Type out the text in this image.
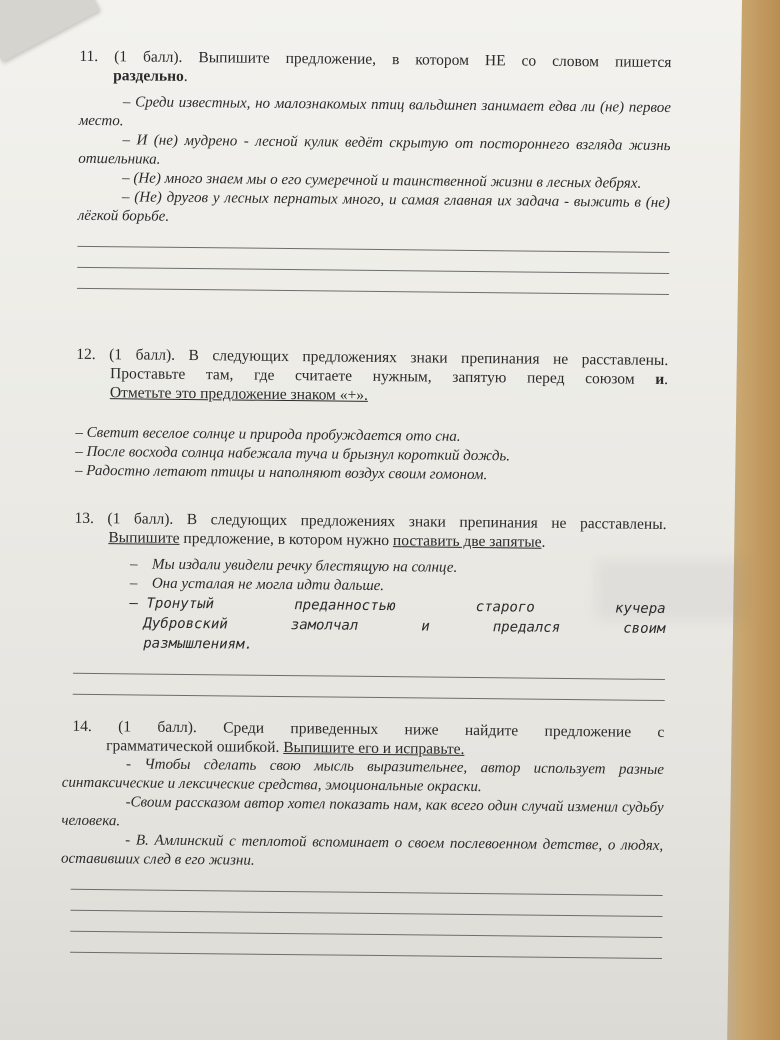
11. (1 балл). Выпишите предложение, в котором НЕ со словом пишется
раздельно.
– Среди известных, но малознакомых птиц вальдшнеп занимает едва ли (не) первое место.
– И (не) мудрено - лесной кулик ведёт скрытую от постороннего взгляда жизнь отшельника.
– (Не) много знаем мы о его сумеречной и таинственной жизни в лесных дебрях.
– (Не) другов у лесных пернатых много, и самая главная их задача - выжить в (не) лёгкой борьбе.
12. (1 балл). В следующих предложениях знаки препинания не расставлены.
Проставьте там, где считаете нужным, запятую перед союзом и.
Отметьте это предложение знаком «+».
– Светит веселое солнце и природа пробуждается ото сна.
– После восхода солнца набежала туча и брызнул короткий дождь.
– Радостно летают птицы и наполняют воздух своим гомоном.
13. (1 балл). В следующих предложениях знаки препинания не расставлены.
Выпишите предложение, в котором нужно поставить две запятые.
– Мы издали увидели речку блестящую на солнце.
– Она усталая не могла идти дальше.
– Тронутый	преданностью	старого	кучера
Дубровский	замолчал	и	предался	своим
размышлениям.
14. (1 балл). Среди приведенных ниже найдите предложение с
грамматической ошибкой. Выпишите его и исправьте.
- Чтобы сделать свою мысль выразительнее, автор использует разные синтаксические и лексические средства, эмоциональные окраски.
-Своим рассказом автор хотел показать нам, как всего один случай изменил судьбу человека.
- В. Амлинский с теплотой вспоминает о своем послевоенном детстве, о людях, оставивших след в его жизни.
